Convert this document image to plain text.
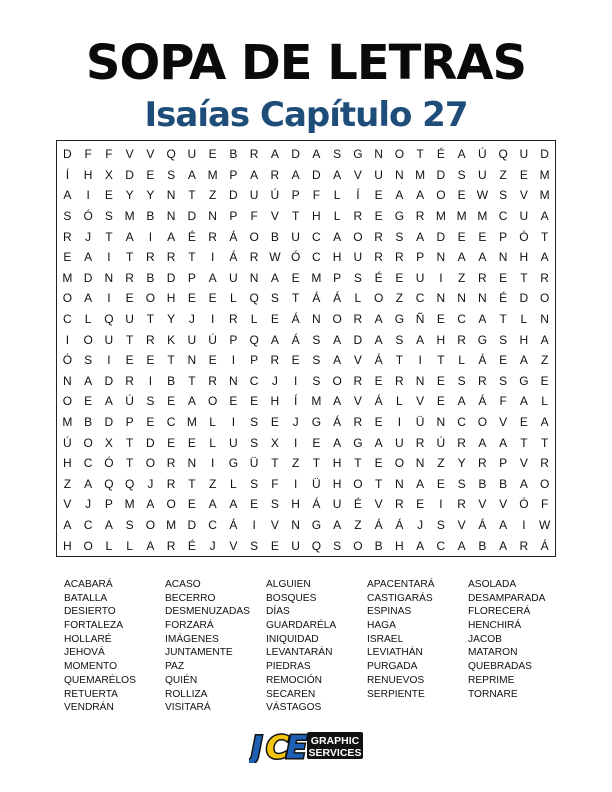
SOPA DE LETRAS
Isaías Capítulo 27
D	F	F	V	V	Q U	E	B	R	A	D	A	S	G N O	T	É	A	Ú Q U	D
Í	H	X	D	E	S	A M P	A	R	A	D	A	V	U	N M D	S	U	Z	E M
A	I	E	Y	Y	N	T	Z	D	U	Ú	P	F	L	Í	E	A	A	O	E W S	V M
S	Ó	S M B	N	D	N	P	F	V	T	H	L	R	E	G R M M M C	U	A
R	J	T	A	I	A	É	R	Á	O	B	U	C	A	O R	S	A	D	E	E	P	Ó	T
E	A	I	T	R	R	T	I	Á	R W Ó C	H	U	R	R	P	N	A	A	N	H	A
M D	N	R	B	D	P	A	U	N	A	E M P	S	É	E	U	I	Z	R	E	T	R
O	A	I	E	O H	E	E	L	Q	S	T	Á	Á	L	O	Z	C	N	N	N	É	D O
C	L	Q U	T	Y	J	I	R	L	E	Á	N O R	A	G Ñ	E	C	A	T	L	N
I	O U	T	R	K	U	Ú	P	Q	A	Á	S	A	D	A	S	A	H	R G	S	H	A
Ó	S	I	E	E	T	N	E	I	P	R	E	S	A	V	Á	T	I	T	L	Á	E	A	Z
N	A	D	R	I	B	T	R	N	C	J	I	S	O R	E	R	N	E	S	R	S	G	E
O	E	A	Ú	S	E	A	O	E	E	H	Í	M A	V	Á	L	V	E	A	Á	F	A	L
M B	D	P	E	C M	L	I	S	E	J	G	Á	R	E	I	Ü	N	C O	V	E	A
Ú O	X	T	D	E	E	L	U	S	X	I	E	A	G	A	U	R	Ú	R	A	A	T	T
H	C Ó	T	O R	N	I	G Ü	T	Z	T	H	T	E	O N	Z	Y	R	P	V	R
Z	A	Q Q	J	R	T	Z	L	S	F	I	Ü	H O	T	N	A	E	S	B	B	A	O
V	J	P M A	O	E	A	A	E	S	H	Á	U	É	V	R	E	I	R	V	V	Ó	F
A	C	A	S	O M D	C	Á	I	V	N G	A	Z	Á	Á	J	S	V	Á	A	I	W
H O	L	L	A	R	É	J	V	S	E	U Q	S	O	B	H	A	C	A	B	A	R	Á
ACABARÁ	ACASO	ALGUIEN	APACENTARÁ	ASOLADA
BATALLA	BECERRO	BOSQUES	CASTIGARÁS	DESAMPARADA
DESIERTO	DESMENUZADAS	DÍAS	ESPINAS	FLORECERÁ
FORTALEZA	FORZARÁ	GUARDARÉLA	HAGA	HENCHIRÁ
HOLLARÉ	IMÁGENES	INIQUIDAD	ISRAEL	JACOB
JEHOVÁ	JUNTAMENTE	LEVANTARÁN	LEVIATHÁN	MATARON
MOMENTO	PAZ	PIEDRAS	PURGADA	QUEBRADAS
QUEMARÉLOS	QUIÉN	REMOCIÓN	RENUEVOS	REPRIME
RETUERTA	ROLLIZA	SECAREN	SERPIENTE	TORNARE
VENDRÁN	VISITARÁ	VÁSTAGOS
J C
E GRAPHIC
SERVICES
